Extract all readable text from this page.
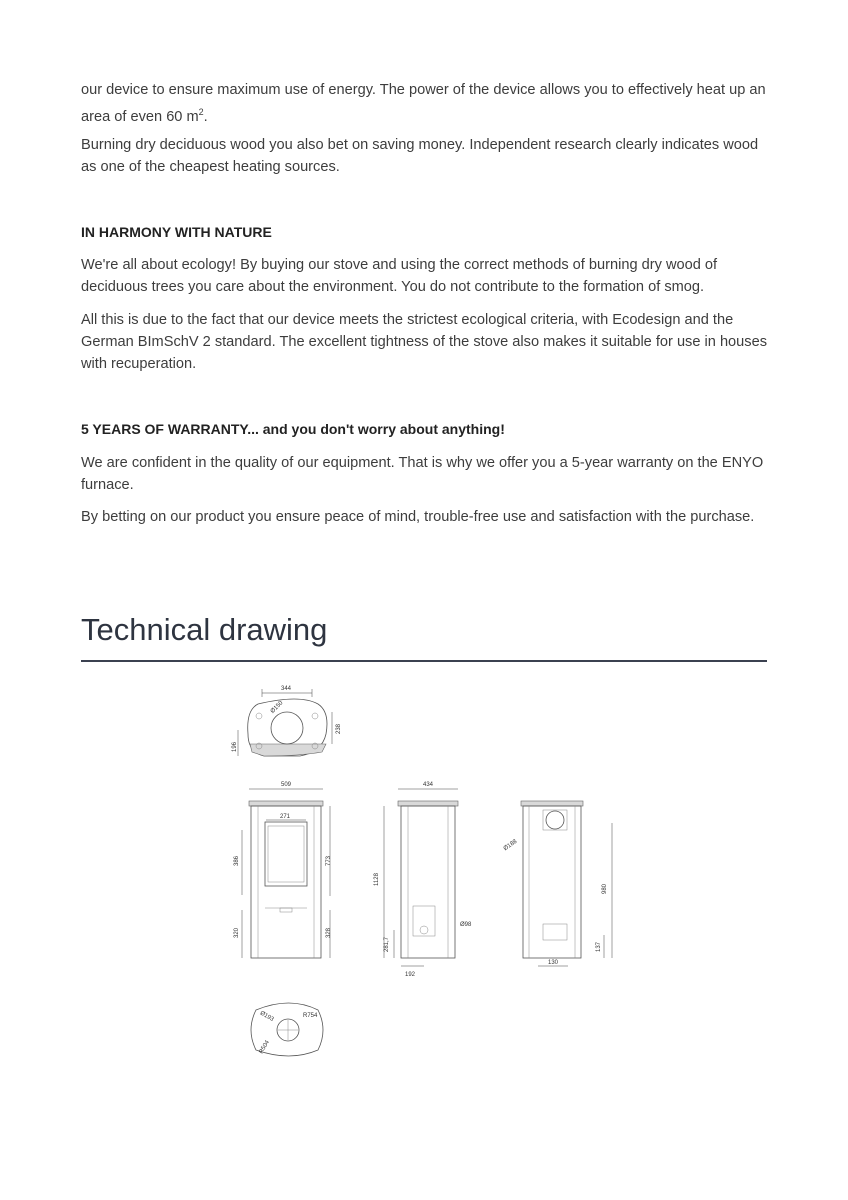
our device to ensure maximum use of energy. The power of the device allows you to effectively heat up an area of even 60 $m^2$.

Burning dry deciduous wood you also bet on saving money. Independent research clearly indicates wood as one of the cheapest heating sources.

IN HARMONY WITH NATURE

We're all about ecology! By buying our stove and using the correct methods of burning dry wood of deciduous trees you care about the environment. You do not contribute to the formation of smog.

All this is due to the fact that our device meets the strictest ecological criteria, with Ecodesign and the German BImSchV 2 standard. The excellent tightness of the stove also makes it suitable for use in houses with recuperation.

5 YEARS OF WARRANTY... and you don't worry about anything!

We are confident in the quality of our equipment. That is why we offer you a 5-year warranty on the ENYO furnace.

By betting on our product you ensure peace of mind, trouble-free use and satisfaction with the purchase.

Technical drawing
344
Ø150
238
196
509
271
386	773
320	328
434
1128
Ø98
281,7
192
Ø188
980
137
130
Ø193	R754
R504
